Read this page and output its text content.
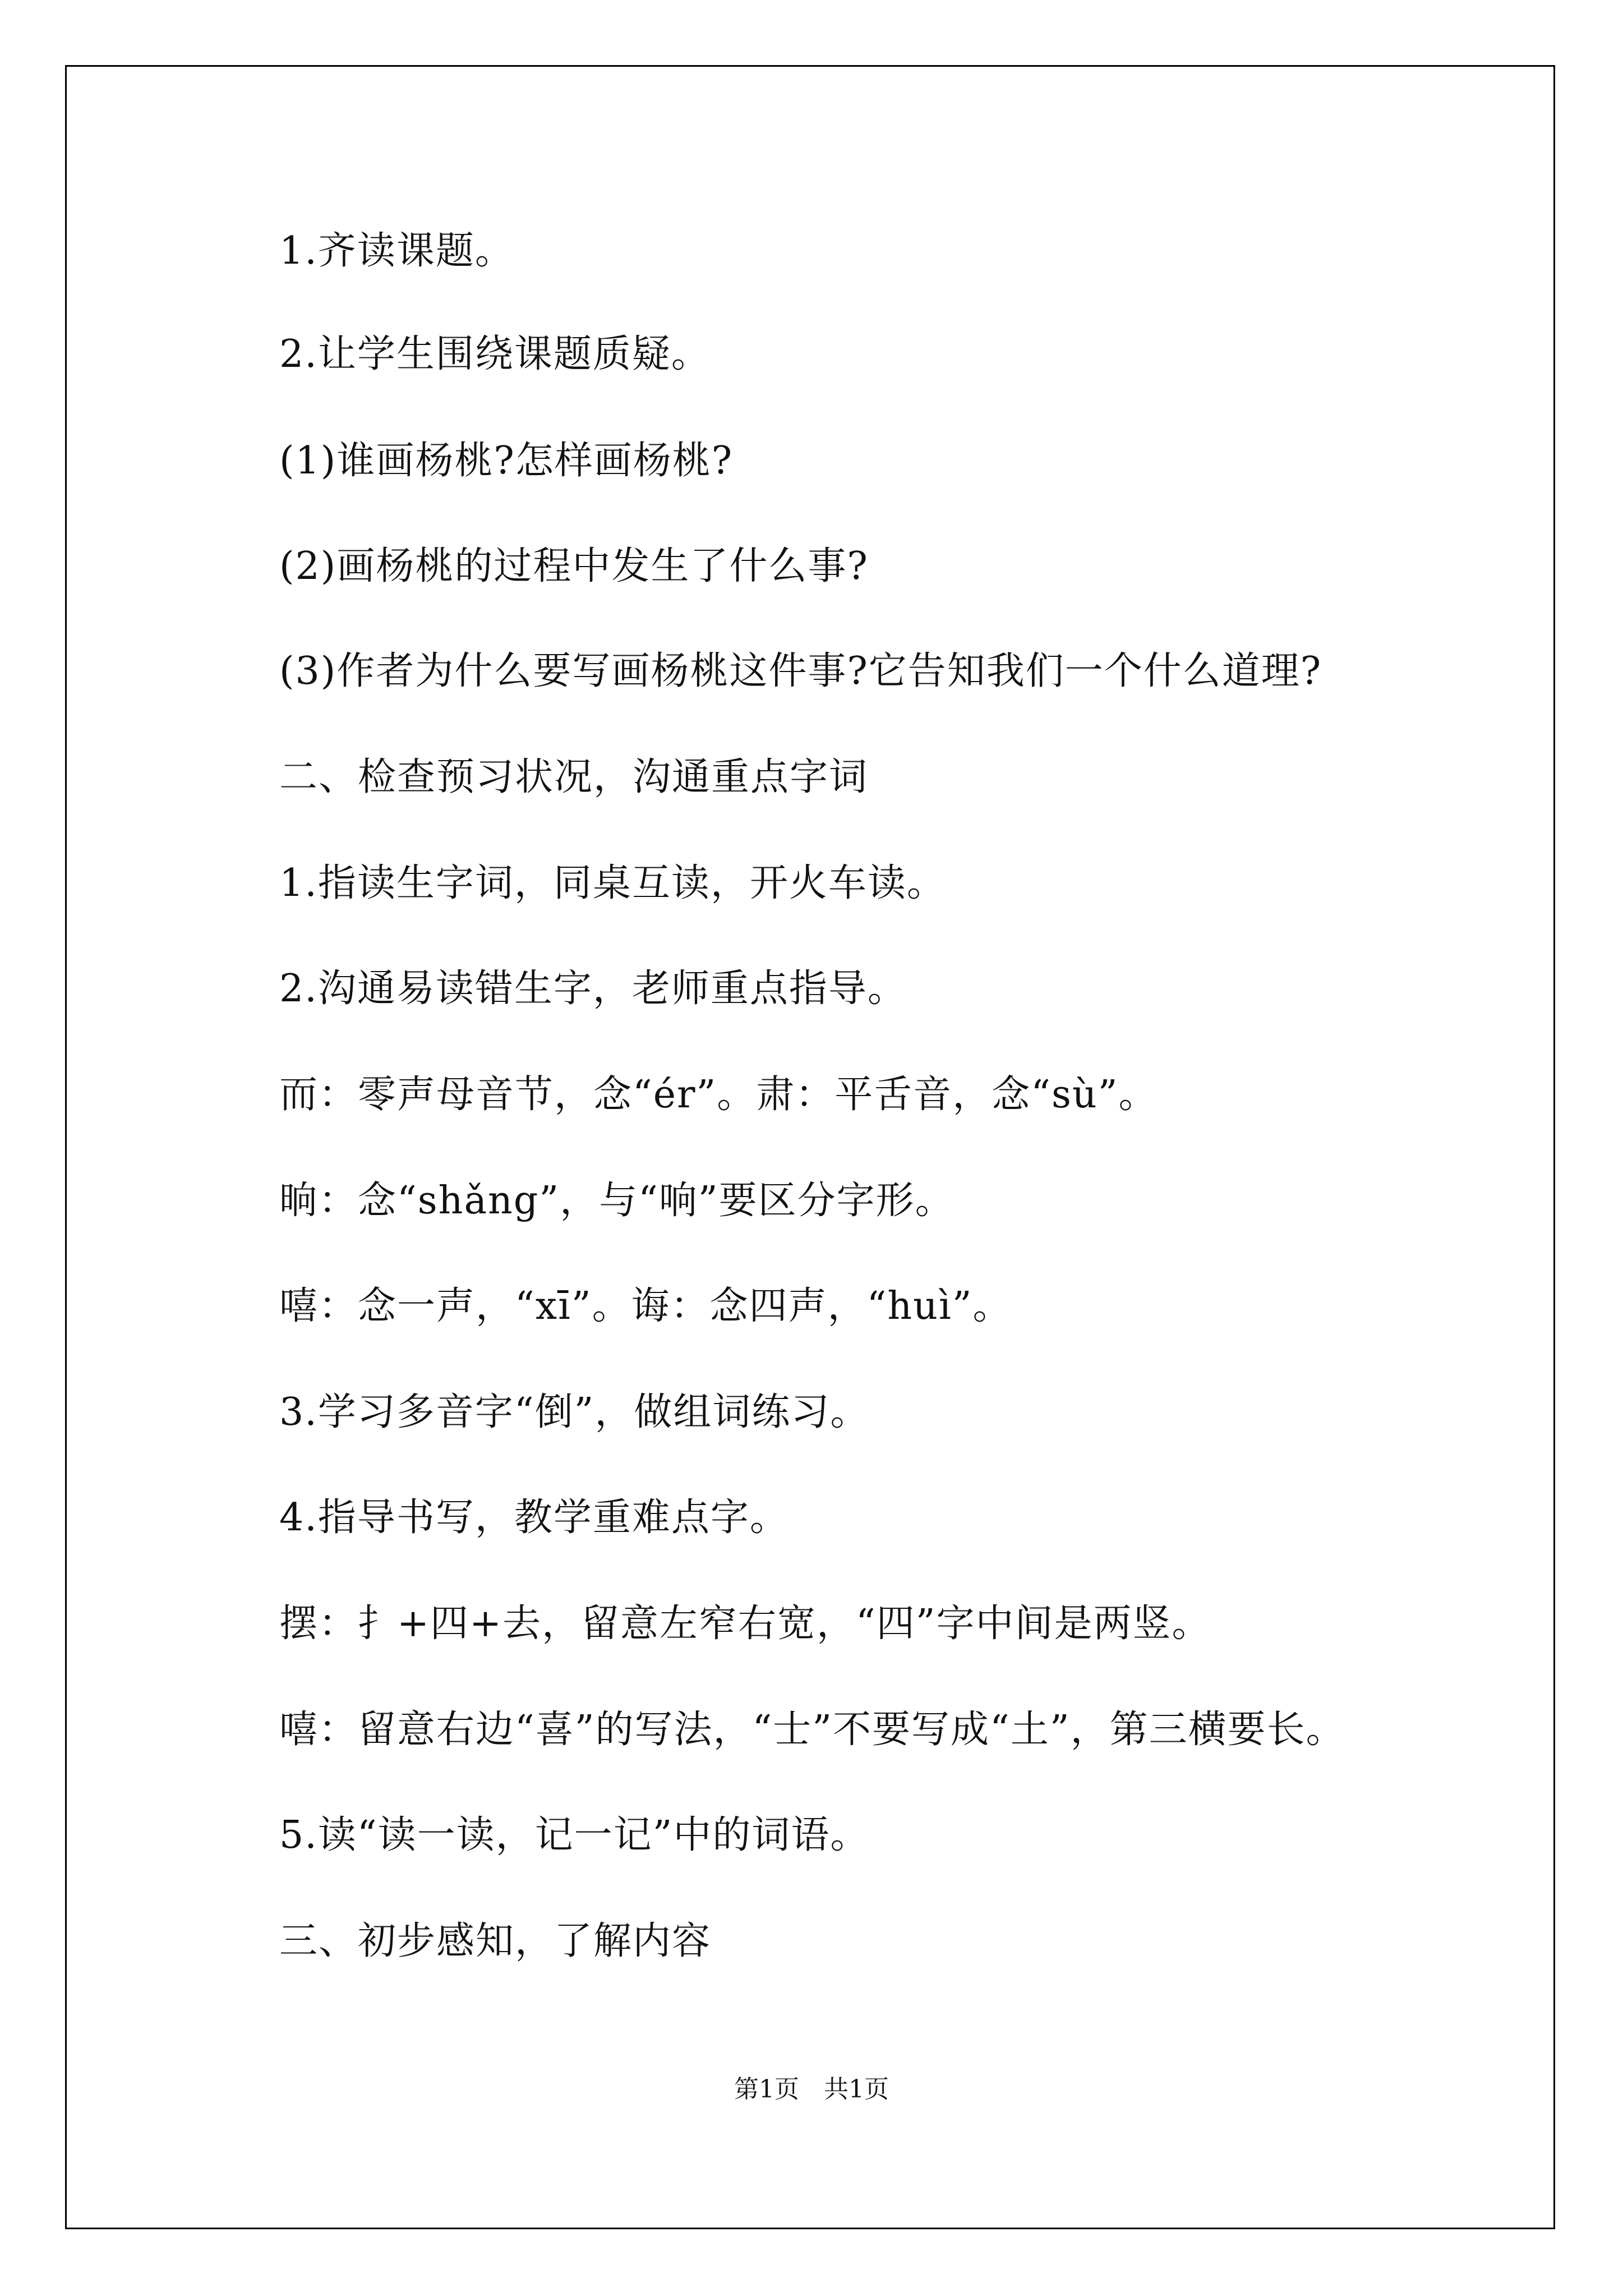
1.齐读课题。
2.让学生围绕课题质疑。
(1)谁画杨桃?怎样画杨桃?
(2)画杨桃的过程中发生了什么事?
(3)作者为什么要写画杨桃这件事?它告知我们一个什么道理?
二、检查预习状况，沟通重点字词
1.指读生字词，同桌互读，开火车读。
2.沟通易读错生字，老师重点指导。
而：零声母音节，念“ér”。肃：平舌音，念“sù”。
晌：念“shǎng”，与“响”要区分字形。
嘻：念一声，“xī”。诲：念四声，“huì”。
3.学习多音字“倒”，做组词练习。
4.指导书写，教学重难点字。
摆：扌+四+去，留意左窄右宽，“四”字中间是两竖。
嘻：留意右边“喜”的写法，“士”不要写成“土”，第三横要长。
5.读“读一读，记一记”中的词语。
三、初步感知，了解内容
第1页　共1页
